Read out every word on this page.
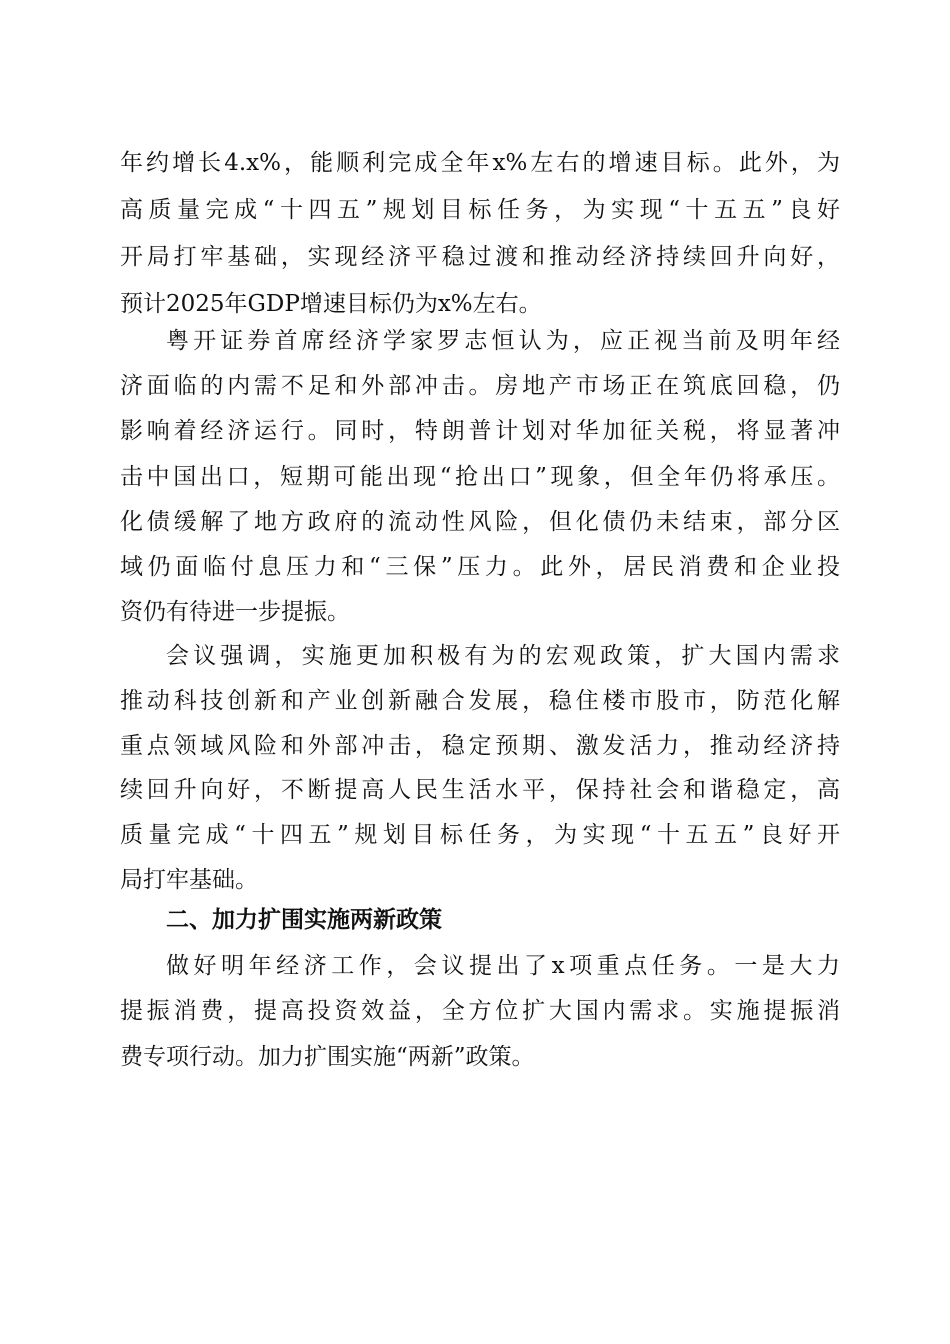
年约增长4.x%，能顺利完成全年x%左右的增速目标。此外，为
高质量完成“十四五”规划目标任务，为实现“十五五”良好
开局打牢基础，实现经济平稳过渡和推动经济持续回升向好，
预计2025年GDP增速目标仍为x%左右。
粤开证券首席经济学家罗志恒认为，应正视当前及明年经
济面临的内需不足和外部冲击。房地产市场正在筑底回稳，仍
影响着经济运行。同时，特朗普计划对华加征关税，将显著冲
击中国出口，短期可能出现“抢出口”现象，但全年仍将承压。
化债缓解了地方政府的流动性风险，但化债仍未结束，部分区
域仍面临付息压力和“三保”压力。此外，居民消费和企业投
资仍有待进一步提振。
会议强调，实施更加积极有为的宏观政策，扩大国内需求
推动科技创新和产业创新融合发展，稳住楼市股市，防范化解
重点领域风险和外部冲击，稳定预期、激发活力，推动经济持
续回升向好，不断提高人民生活水平，保持社会和谐稳定，高
质量完成“十四五”规划目标任务，为实现“十五五”良好开
局打牢基础。
二、加力扩围实施两新政策
做好明年经济工作，会议提出了x项重点任务。一是大力
提振消费，提高投资效益，全方位扩大国内需求。实施提振消
费专项行动。加力扩围实施“两新”政策。
